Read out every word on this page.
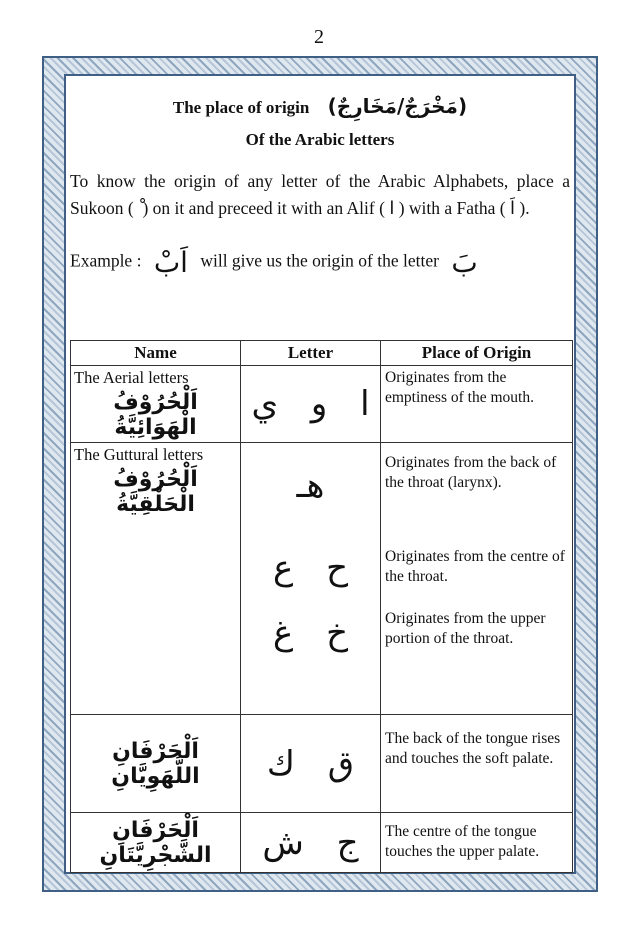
2
The place of origin (مَخْرَجٌ/مَخَارِجٌ)
Of the Arabic letters
To know the origin of any letter of the Arabic Alphabets, place a Sukoon ( ) on it and preceed it with an Alif ( ا ) with a Fatha ( اَ ).
Example : اَبْ will give us the origin of the letter بَ
Name	Letter	Place of Origin

The Aerial letters
اَلْحُرُوْفُ الْهَوَائِيَّةُ	ا و ي	Originates from the emptiness of the mouth.

The Guttural letters
اَلْحُرُوْفُ الْحَلْقِيَّةُ	هـ	Originates from the back of the throat (larynx).

	ح ع	Originates from the centre of the throat.

	خ غ	Originates from the upper portion of the throat.

اَلْحَرْفَانِ اللَّهَوِيَّانِ	ق ك	The back of the tongue rises and touches the soft palate.

اَلْحَرْفَانِ الشَّجْرِيَّتَانِ	ج ش	The centre of the tongue touches the upper palate.
